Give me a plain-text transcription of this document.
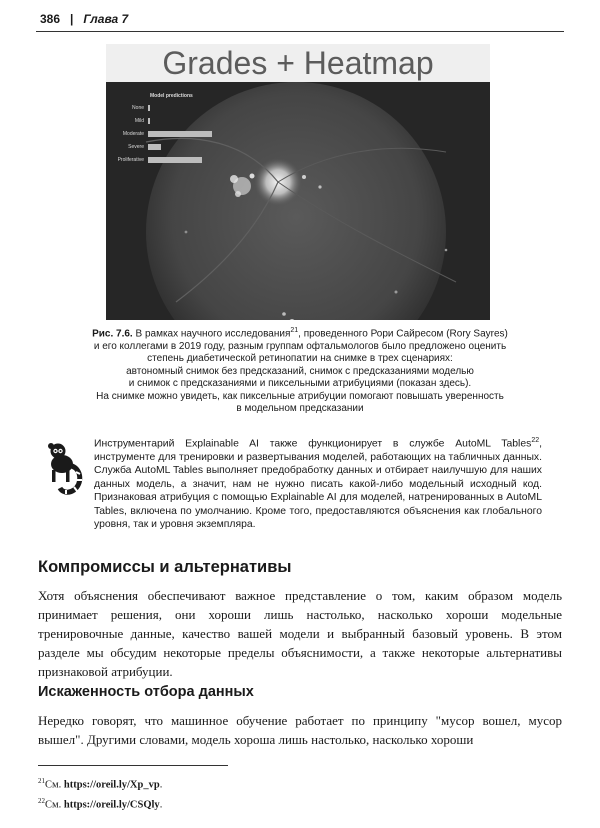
386 | Глава 7
Grades + Heatmap
Model predictions
None
Mild
Moderate
Severe
Proliferative

Рис. 7.6. В рамках научного исследования$^{21}$, проведенного Рори Сайресом (Rory Sayres)

и его коллегами в 2019 году, разным группам офтальмологов было предложено оценить

степень диабетической ретинопатии на снимке в трех сценариях:

автономный снимок без предсказаний, снимок с предсказаниями моделью

и снимок с предсказаниями и пиксельными атрибуциями (показан здесь).

На снимке можно увидеть, как пиксельные атрибуции помогают повышать уверенность

в модельном предсказании

Инструментарий Explainable AI также функционирует в службе AutoML Tables$^{22}$, инструменте для тренировки и развертывания моделей, работающих на табличных данных. Служба AutoML Tables выполняет предобработку данных и отбирает наилучшую для наших данных модель, а значит, нам не нужно писать какой-либо модельный исходный код. Признаковая атрибуция с помощью Explainable AI для моделей, натренированных в AutoML Tables, включена по умолчанию. Кроме того, предоставляются объяснения как глобального уровня, так и уровня экземпляра.

Компромиссы и альтернативы

Хотя объяснения обеспечивают важное представление о том, каким образом модель принимает решения, они хороши лишь настолько, насколько хороши модельные тренировочные данные, качество вашей модели и выбранный базовый уровень. В этом разделе мы обсудим некоторые пределы объяснимости, а также некоторые альтернативы признаковой атрибуции.

Искаженность отбора данных

Нередко говорят, что машинное обучение работает по принципу "мусор вошел, мусор вышел". Другими словами, модель хороша лишь настолько, насколько хороши

$^{21}$См. https://oreil.ly/Xp_vp.
$^{22}$См. https://oreil.ly/CSQly.
